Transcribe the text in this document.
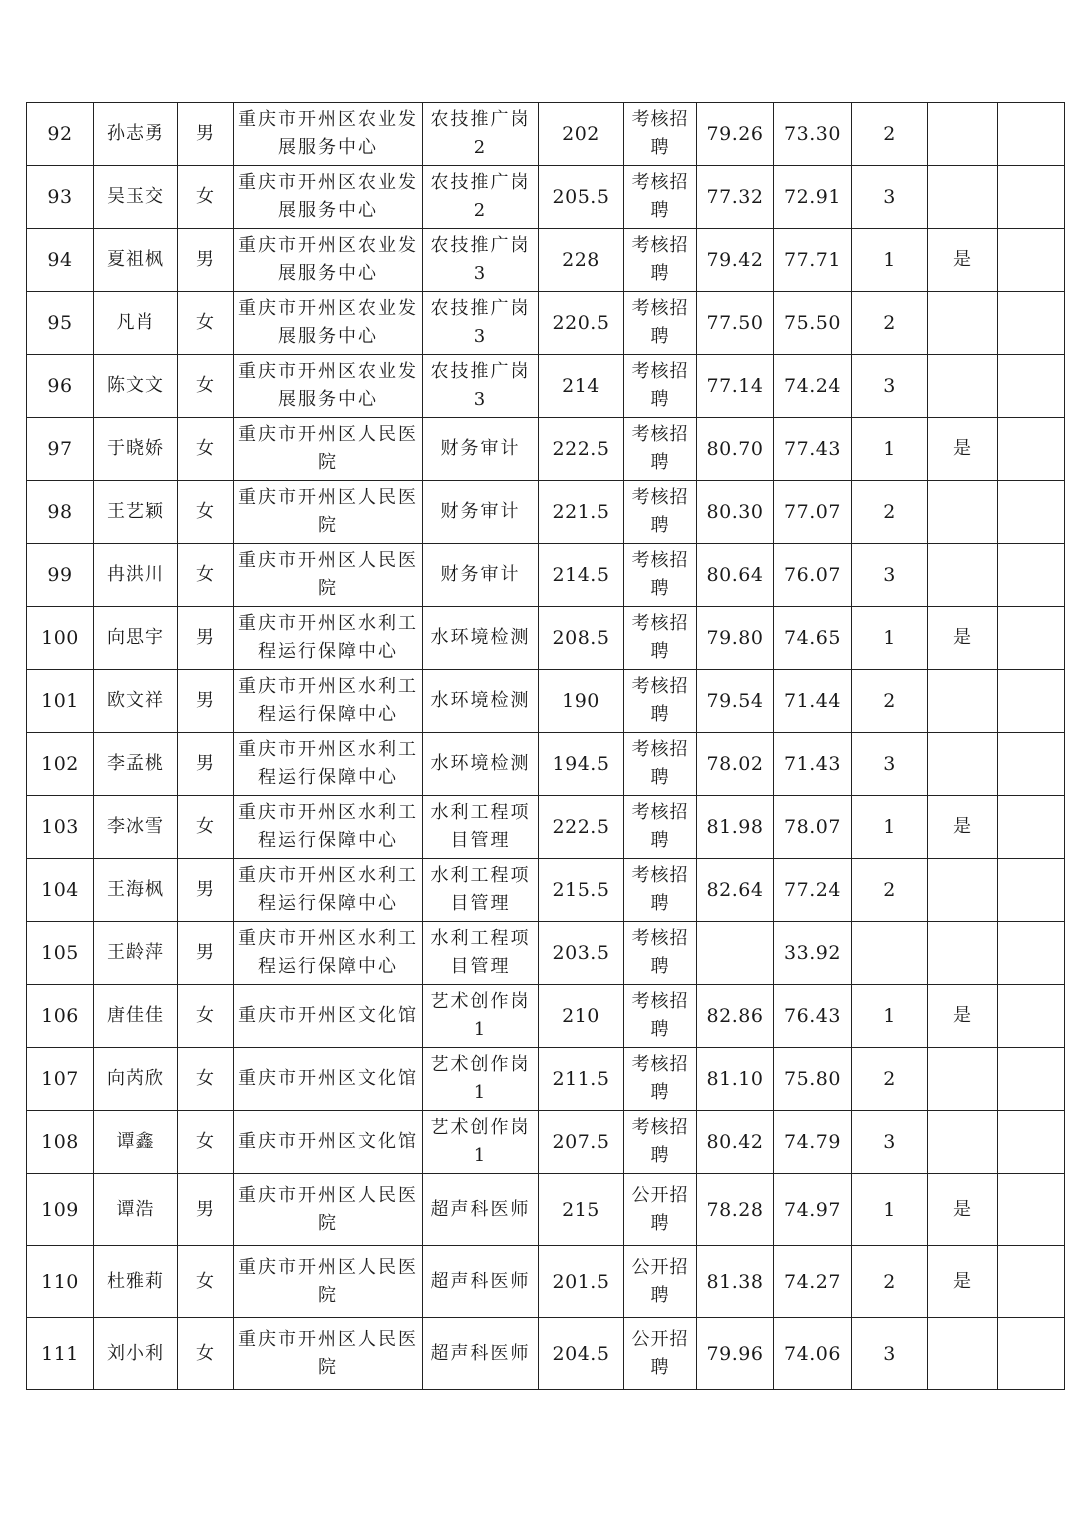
92	孙志勇	男	重庆市开州区农业发展服务中心	农技推广岗 2	202	考核招聘	79.26	73.30	2		
93	吴玉交	女	重庆市开州区农业发展服务中心	农技推广岗 2	205.5	考核招聘	77.32	72.91	3		
94	夏祖枫	男	重庆市开州区农业发展服务中心	农技推广岗 3	228	考核招聘	79.42	77.71	1	是	
95	凡肖	女	重庆市开州区农业发展服务中心	农技推广岗 3	220.5	考核招聘	77.50	75.50	2		
96	陈文文	女	重庆市开州区农业发展服务中心	农技推广岗 3	214	考核招聘	77.14	74.24	3		
97	于晓娇	女	重庆市开州区人民医院	财务审计	222.5	考核招聘	80.70	77.43	1	是	
98	王艺颖	女	重庆市开州区人民医院	财务审计	221.5	考核招聘	80.30	77.07	2		
99	冉洪川	女	重庆市开州区人民医院	财务审计	214.5	考核招聘	80.64	76.07	3		
100	向思宇	男	重庆市开州区水利工程运行保障中心	水环境检测	208.5	考核招聘	79.80	74.65	1	是	
101	欧文祥	男	重庆市开州区水利工程运行保障中心	水环境检测	190	考核招聘	79.54	71.44	2		
102	李孟桃	男	重庆市开州区水利工程运行保障中心	水环境检测	194.5	考核招聘	78.02	71.43	3		
103	李冰雪	女	重庆市开州区水利工程运行保障中心	水利工程项目管理	222.5	考核招聘	81.98	78.07	1	是	
104	王海枫	男	重庆市开州区水利工程运行保障中心	水利工程项目管理	215.5	考核招聘	82.64	77.24	2		
105	王龄萍	男	重庆市开州区水利工程运行保障中心	水利工程项目管理	203.5	考核招聘		33.92			
106	唐佳佳	女	重庆市开州区文化馆	艺术创作岗 1	210	考核招聘	82.86	76.43	1	是	
107	向芮欣	女	重庆市开州区文化馆	艺术创作岗 1	211.5	考核招聘	81.10	75.80	2		
108	谭鑫	女	重庆市开州区文化馆	艺术创作岗 1	207.5	考核招聘	80.42	74.79	3		
109	谭浩	男	重庆市开州区人民医院	超声科医师	215	公开招聘	78.28	74.97	1	是	
110	杜雅莉	女	重庆市开州区人民医院	超声科医师	201.5	公开招聘	81.38	74.27	2	是	
111	刘小利	女	重庆市开州区人民医院	超声科医师	204.5	公开招聘	79.96	74.06	3		
